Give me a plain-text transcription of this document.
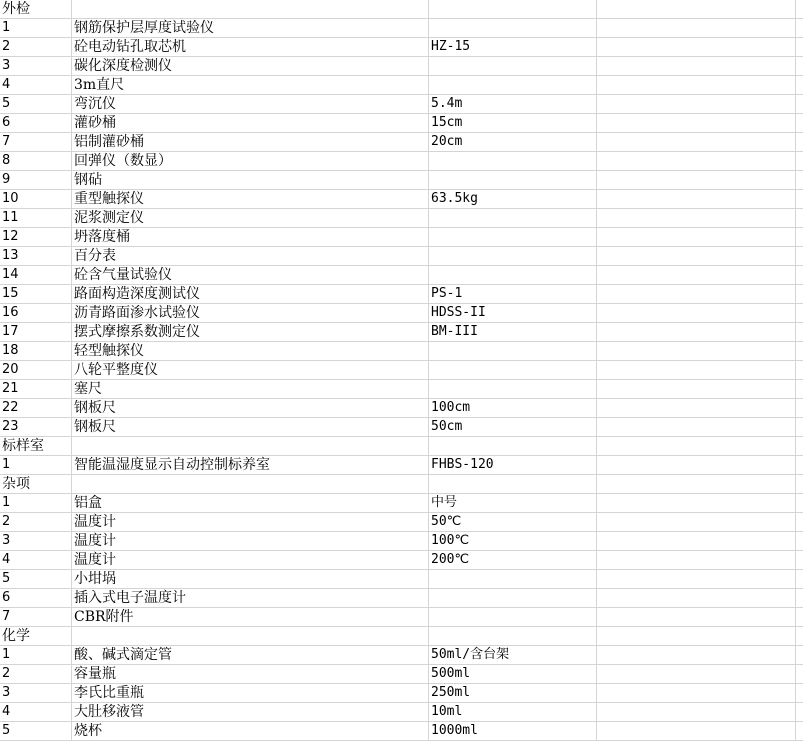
外检
1	钢筋保护层厚度试验仪
2	砼电动钻孔取芯机	HZ-15
3	碳化深度检测仪
4	3m直尺
5	弯沉仪	5.4m
6	灌砂桶	15cm
7	铝制灌砂桶	20cm
8	回弹仪（数显）
9	钢砧
10	重型触探仪	63.5kg
11	泥浆测定仪
12	坍落度桶
13	百分表
14	砼含气量试验仪
15	路面构造深度测试仪	PS-1
16	沥青路面渗水试验仪	HDSS-II
17	摆式摩擦系数测定仪	BM-III
18	轻型触探仪
20	八轮平整度仪
21	塞尺
22	钢板尺	100cm
23	钢板尺	50cm
标样室
1	智能温湿度显示自动控制标养室	FHBS-120
杂项
1	铝盒	中号
2	温度计	50℃
3	温度计	100℃
4	温度计	200℃
5	小坩埚
6	插入式电子温度计
7	CBR附件
化学
1	酸、碱式滴定管	50ml/含台架
2	容量瓶	500ml
3	李氏比重瓶	250ml
4	大肚移液管	10ml
5	烧杯	1000ml
